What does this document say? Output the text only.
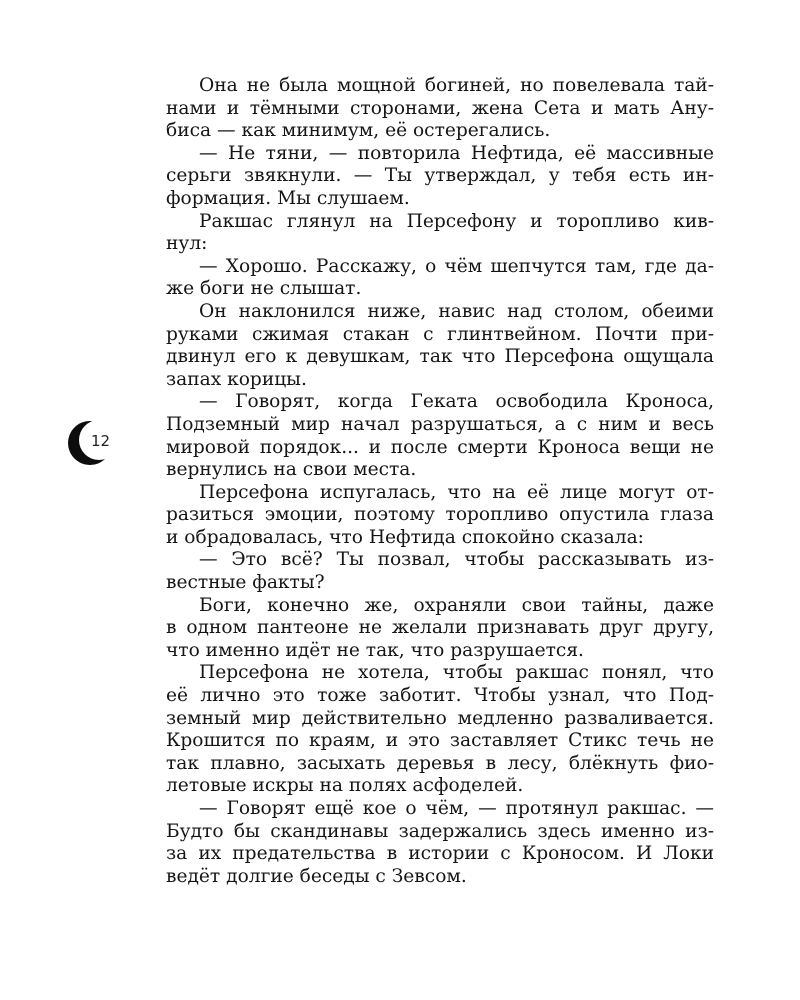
12
Она не была мощной богиней, но повелевала тай-
нами и тёмными сторонами, жена Сета и мать Ану-
биса — как минимум, её остерегались.
— Не тяни, — повторила Нефтида, её массивные
серьги звякнули. — Ты утверждал, у тебя есть ин-
формация. Мы слушаем.
Ракшас глянул на Персефону и торопливо кив-
нул:
— Хорошо. Расскажу, о чём шепчутся там, где да-
же боги не слышат.
Он наклонился ниже, навис над столом, обеими
руками сжимая стакан с глинтвейном. Почти при-
двинул его к девушкам, так что Персефона ощущала
запах корицы.
— Говорят, когда Геката освободила Кроноса,
Подземный мир начал разрушаться, а с ним и весь
мировой порядок... и после смерти Кроноса вещи не
вернулись на свои места.
Персефона испугалась, что на её лице могут от-
разиться эмоции, поэтому торопливо опустила глаза
и обрадовалась, что Нефтида спокойно сказала:
— Это всё? Ты позвал, чтобы рассказывать из-
вестные факты?
Боги, конечно же, охраняли свои тайны, даже
в одном пантеоне не желали признавать друг другу,
что именно идёт не так, что разрушается.
Персефона не хотела, чтобы ракшас понял, что
её лично это тоже заботит. Чтобы узнал, что Под-
земный мир действительно медленно разваливается.
Крошится по краям, и это заставляет Стикс течь не
так плавно, засыхать деревья в лесу, блёкнуть фио-
летовые искры на полях асфоделей.
— Говорят ещё кое о чём, — протянул ракшас. —
Будто бы скандинавы задержались здесь именно из-
за их предательства в истории с Кроносом. И Локи
ведёт долгие беседы с Зевсом.
